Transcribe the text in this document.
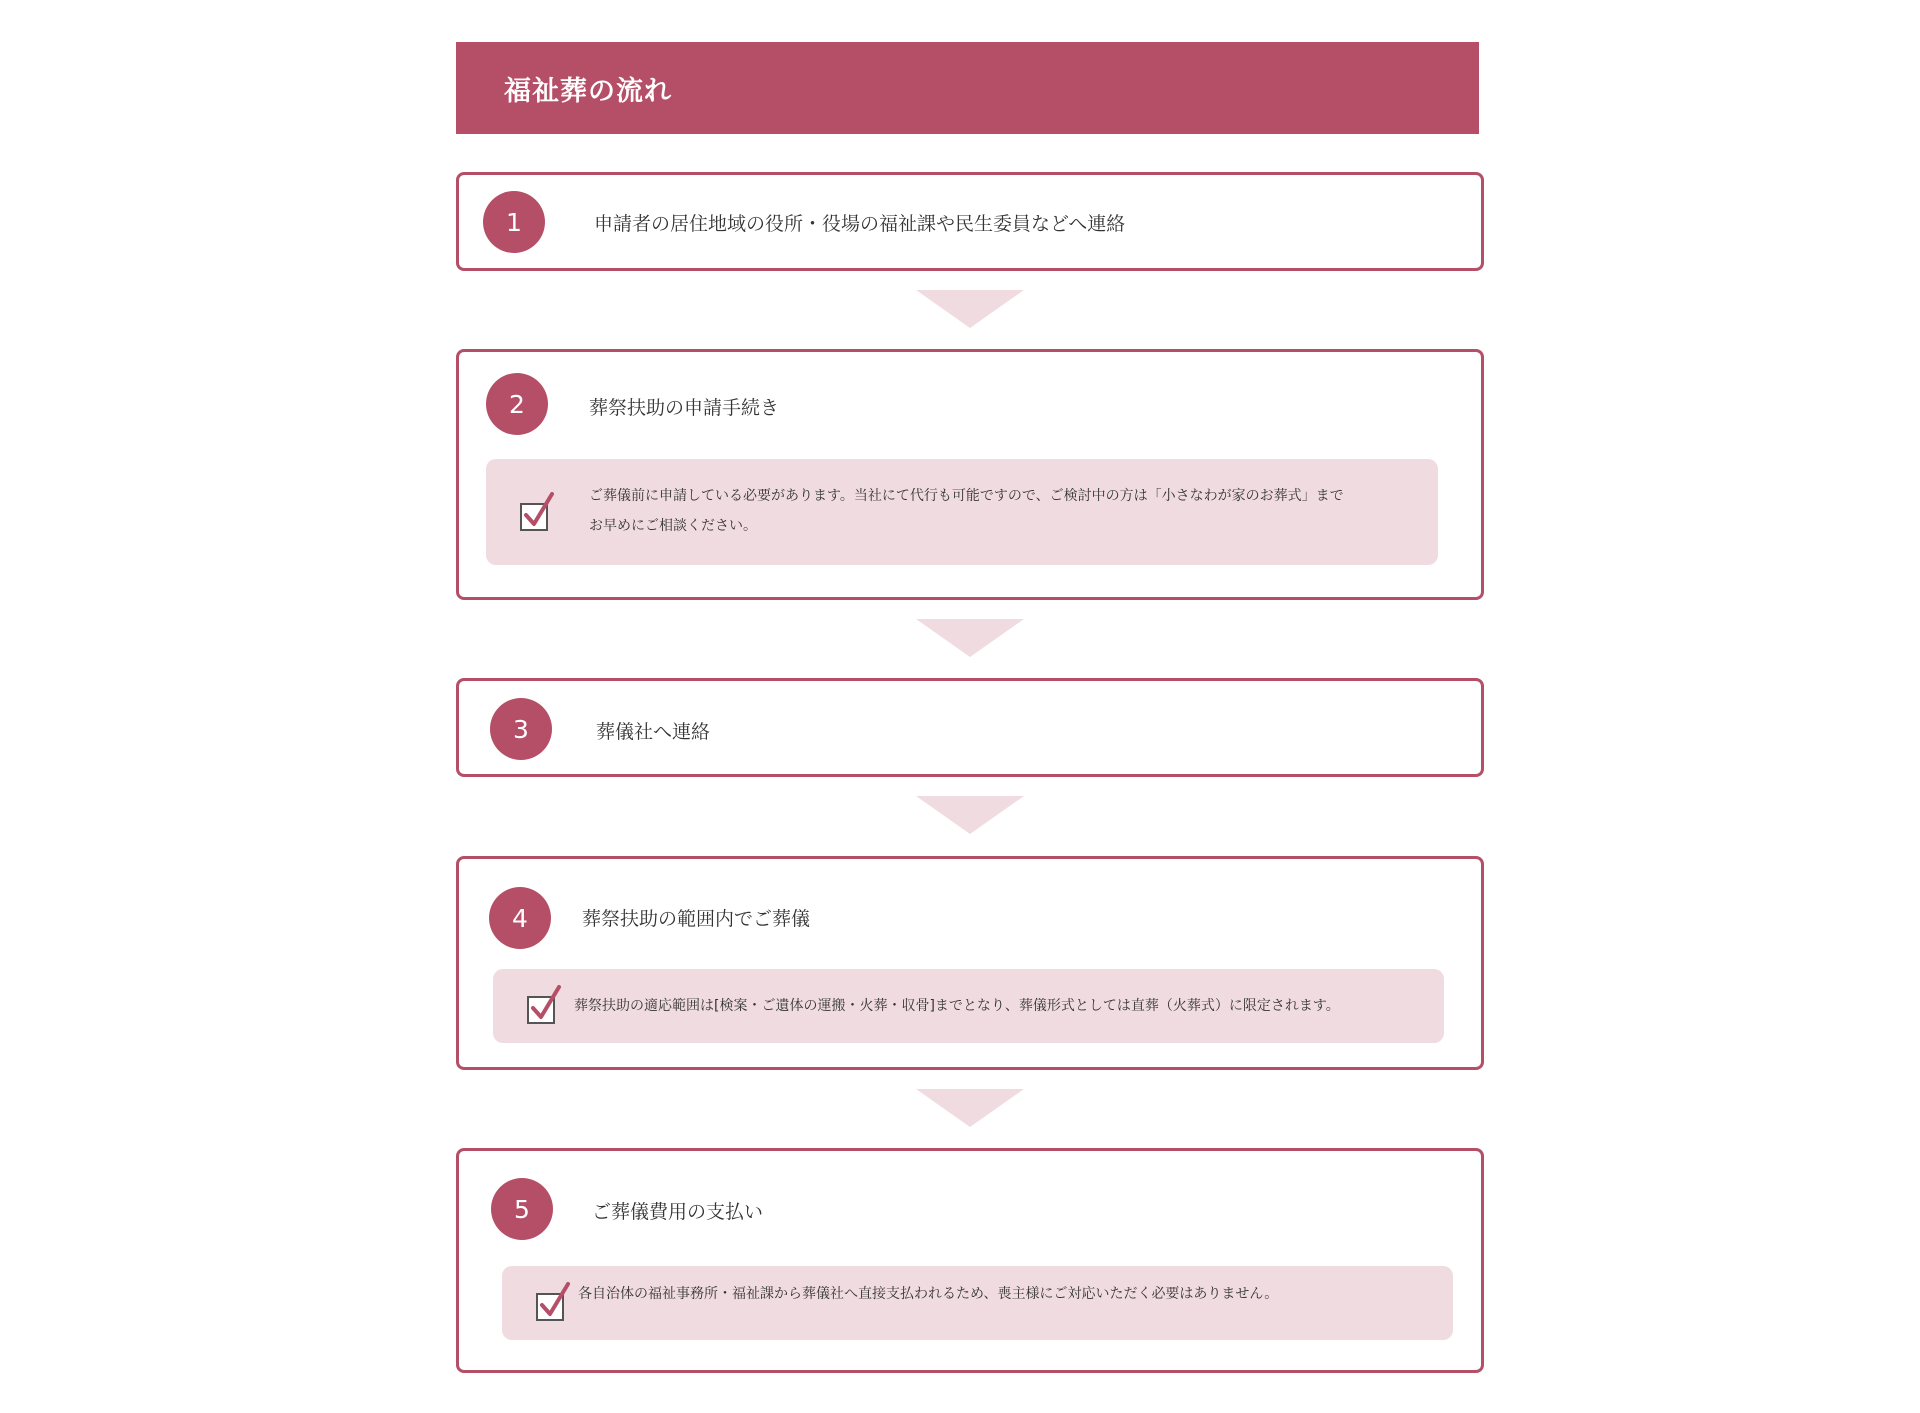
福祉葬の流れ
1	申請者の居住地域の役所・役場の福祉課や民生委員などへ連絡
2	葬祭扶助の申請手続き
ご葬儀前に申請している必要があります。当社にて代行も可能ですので、ご検討中の方は「小さなわが家のお葬式」まで
お早めにご相談ください。
3	葬儀社へ連絡
4	葬祭扶助の範囲内でご葬儀
葬祭扶助の適応範囲は[検案・ご遺体の運搬・火葬・収骨]までとなり、葬儀形式としては直葬（火葬式）に限定されます。
5	ご葬儀費用の支払い
各自治体の福祉事務所・福祉課から葬儀社へ直接支払われるため、喪主様にご対応いただく必要はありません。
